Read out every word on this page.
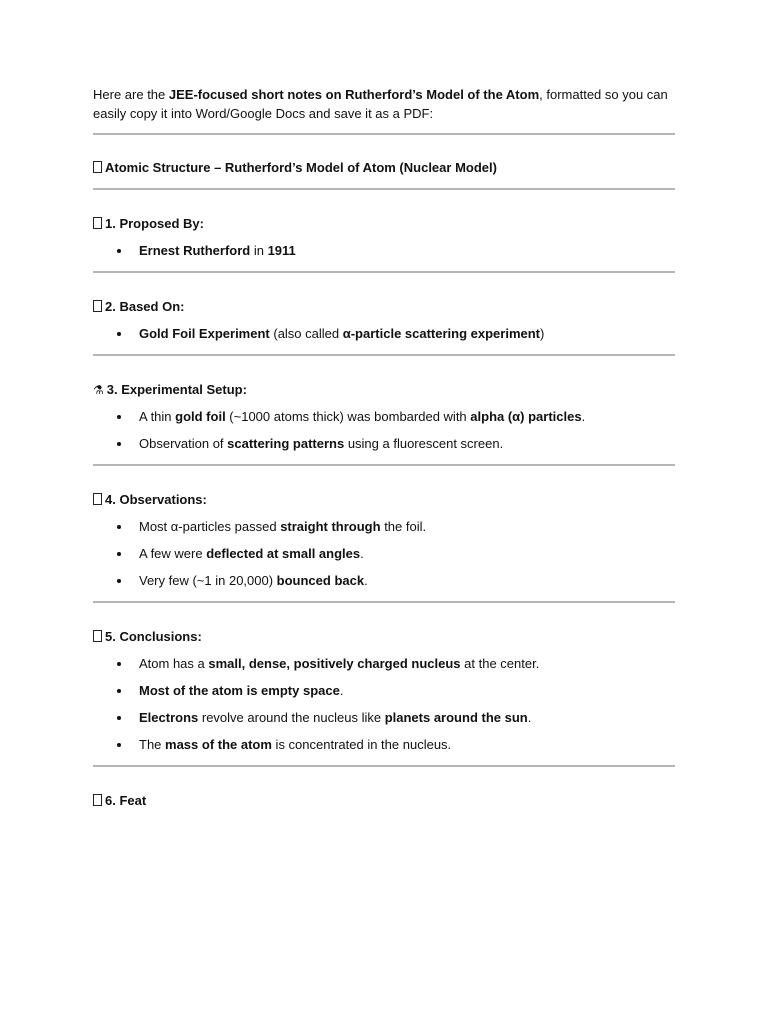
Here are the JEE-focused short notes on Rutherford’s Model of the Atom, formatted so you can easily copy it into Word/Google Docs and save it as a PDF:

Atomic Structure – Rutherford’s Model of Atom (Nuclear Model)

1. Proposed By:

Ernest Rutherford in 1911

2. Based On:

Gold Foil Experiment (also called α-particle scattering experiment)

⚗ 3. Experimental Setup:

A thin gold foil (~1000 atoms thick) was bombarded with alpha (α) particles.
Observation of scattering patterns using a fluorescent screen.

4. Observations:

Most α-particles passed straight through the foil.
A few were deflected at small angles.
Very few (~1 in 20,000) bounced back.

5. Conclusions:

Atom has a small, dense, positively charged nucleus at the center.
Most of the atom is empty space.
Electrons revolve around the nucleus like planets around the sun.
The mass of the atom is concentrated in the nucleus.

6. Feat
